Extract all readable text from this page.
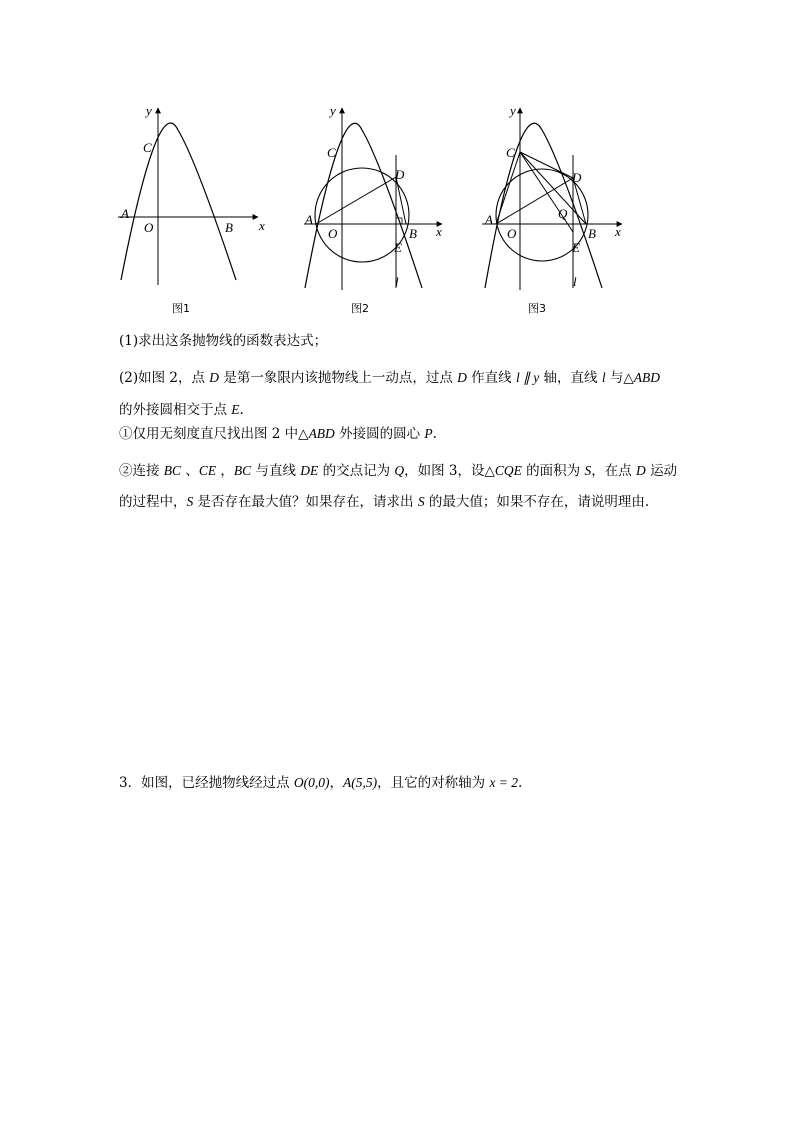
y
x
C
A
O	B
图1
y
x
C
D
A
O	B
E
l
图2
y
x
C
D
Q
A
O	B
E
l
图3
(1)求出这条抛物线的函数表达式；
(2)如图 2，点 D 是第一象限内该抛物线上一动点，过点 D 作直线 l ∥ y 轴，直线 l 与△ABD
的外接圆相交于点 E.
①仅用无刻度直尺找出图 2 中△ABD 外接圆的圆心 P.
②连接 BC 、CE ，BC 与直线 DE 的交点记为 Q，如图 3，设△CQE 的面积为 S，在点 D 运动的过程中，S 是否存在最大值？如果存在，请求出 S 的最大值；如果不存在，请说明理由.
3．如图，已经抛物线经过点 O(0,0)，A(5,5)，且它的对称轴为 x = 2.
